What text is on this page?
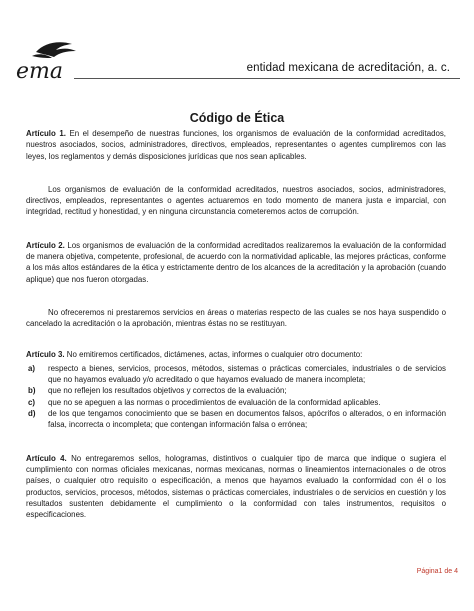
ema	entidad mexicana de acreditación, a. c.
Código de Ética

Artículo 1. En el desempeño de nuestras funciones, los organismos de evaluación de la conformidad acreditados, nuestros asociados, socios, administradores, directivos, empleados, representantes o agentes cumpliremos con las leyes, los reglamentos y demás disposiciones jurídicas que nos sean aplicables.

Los organismos de evaluación de la conformidad acreditados, nuestros asociados, socios, administradores, directivos, empleados, representantes o agentes actuaremos en todo momento de manera justa e imparcial, con integridad, rectitud y honestidad, y en ninguna circunstancia cometeremos actos de corrupción.

Artículo 2. Los organismos de evaluación de la conformidad acreditados realizaremos la evaluación de la conformidad de manera objetiva, competente, profesional, de acuerdo con la normatividad aplicable, las mejores prácticas, conforme a los más altos estándares de la ética y estrictamente dentro de los alcances de la acreditación y la aprobación (cuando aplique) que nos fueron otorgadas.

No ofreceremos ni prestaremos servicios en áreas o materias respecto de las cuales se nos haya suspendido o cancelado la acreditación o la aprobación, mientras éstas no se restituyan.

Artículo 3. No emitiremos certificados, dictámenes, actas, informes o cualquier otro documento:

a)	respecto a bienes, servicios, procesos, métodos, sistemas o prácticas comerciales, industriales o de servicios que no hayamos evaluado y/o acreditado o que hayamos evaluado de manera incompleta;
b)	que no reflejen los resultados objetivos y correctos de la evaluación;
c)	que no se apeguen a las normas o procedimientos de evaluación de la conformidad aplicables.
d)	de los que tengamos conocimiento que se basen en documentos falsos, apócrifos o alterados, o en información falsa, incorrecta o incompleta; que contengan información falsa o errónea;

Artículo 4. No entregaremos sellos, hologramas, distintivos o cualquier tipo de marca que indique o sugiera el cumplimiento con normas oficiales mexicanas, normas mexicanas, normas o lineamientos internacionales o de otros países, o cualquier otro requisito o especificación, a menos que hayamos evaluado la conformidad con él o los productos, servicios, procesos, métodos, sistemas o prácticas comerciales, industriales o de servicios en cuestión y los resultados sustenten debidamente el cumplimiento o la conformidad con tales instrumentos, requisitos o especificaciones.

Página1 de 4
